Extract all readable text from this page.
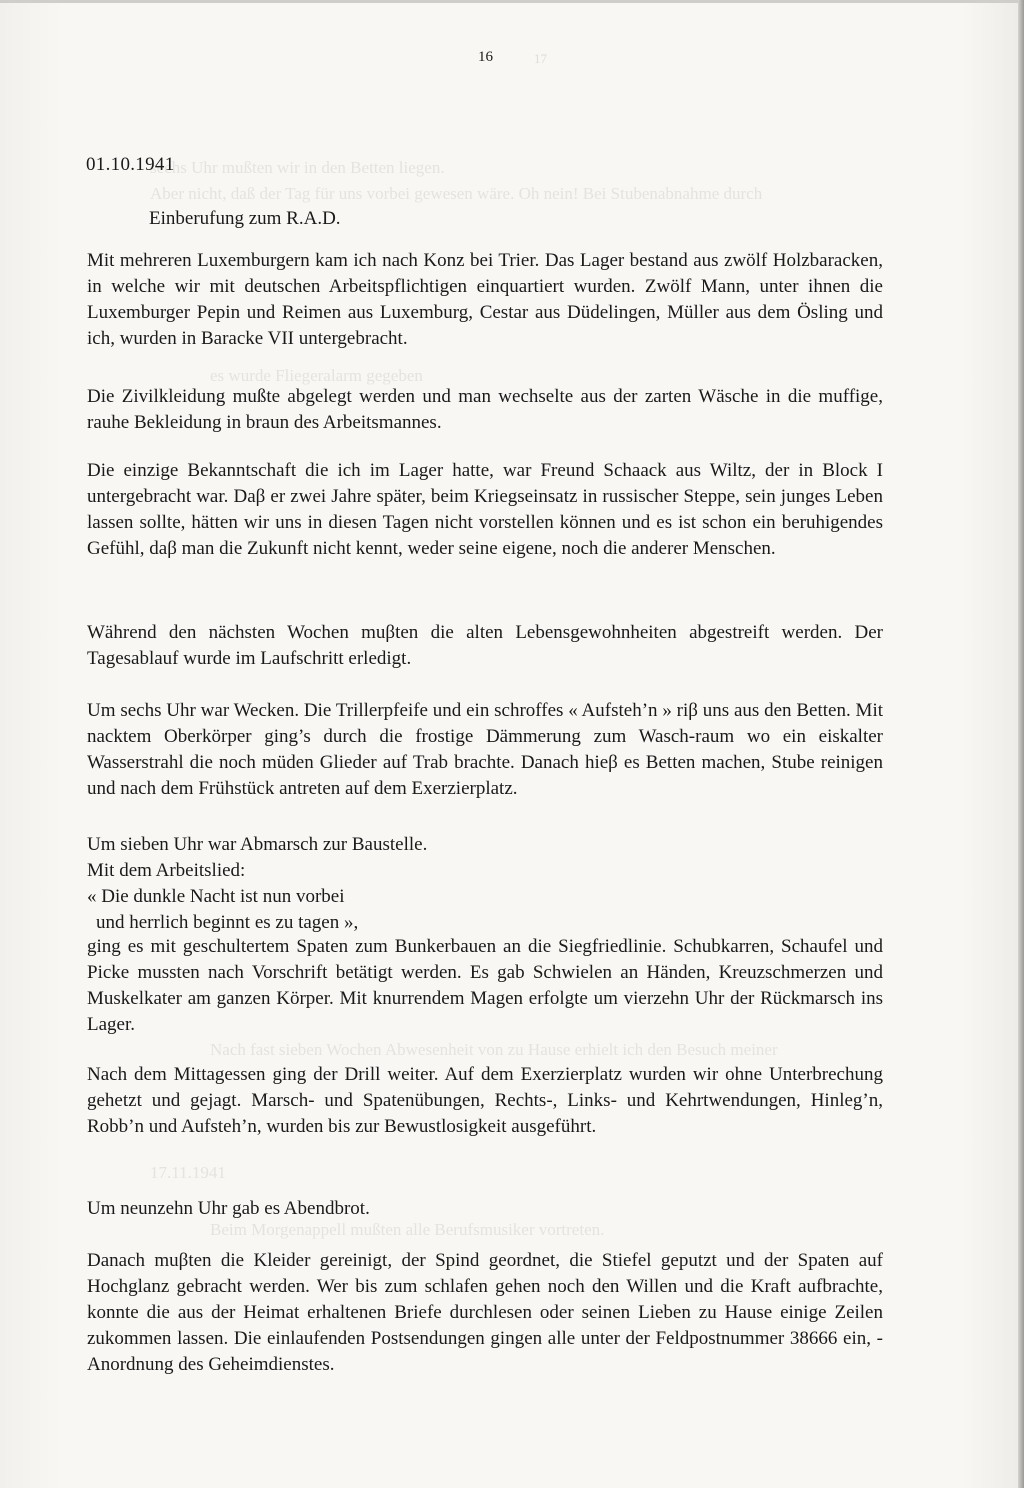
sechs Uhr mußten wir in den Betten liegen.
Aber nicht, daß der Tag für uns vorbei gewesen wäre. Oh nein! Bei Stubenabnahme durch
es wurde Fliegeralarm gegeben
17.11.1941
Nach fast sieben Wochen Abwesenheit von zu Hause erhielt ich den Besuch meiner
Beim Morgenappell mußten alle Berufsmusiker vortreten.
16	17
01.10.1941
Einberufung zum R.A.D.

Mit mehreren Luxemburgern kam ich nach Konz bei Trier. Das Lager bestand aus zwölf Holzbaracken, in welche wir mit deutschen Arbeitspflichtigen einquartiert wurden. Zwölf Mann, unter ihnen die Luxemburger Pepin und Reimen aus Luxemburg, Cestar aus Düdelingen, Müller aus dem Ösling und ich, wurden in Baracke VII untergebracht.

Die Zivilkleidung mußte abgelegt werden und man wechselte aus der zarten Wäsche in die muffige, rauhe Bekleidung in braun des Arbeitsmannes.

Die einzige Bekanntschaft die ich im Lager hatte, war Freund Schaack aus Wiltz, der in Block I untergebracht war. Daβ er zwei Jahre später, beim Kriegseinsatz in russischer Steppe, sein junges Leben lassen sollte, hätten wir uns in diesen Tagen nicht vorstellen können und es ist schon ein beruhigendes Gefühl, daβ man die Zukunft nicht kennt, weder seine eigene, noch die anderer Menschen.

Während den nächsten Wochen muβten die alten Lebensgewohnheiten abgestreift werden. Der Tagesablauf wurde im Laufschritt erledigt.

Um sechs Uhr war Wecken. Die Trillerpfeife und ein schroffes « Aufsteh’n » riβ uns aus den Betten. Mit nacktem Oberkörper ging’s durch die frostige Dämmerung zum Wasch-raum wo ein eiskalter Wasserstrahl die noch müden Glieder auf Trab brachte. Danach hieβ es Betten machen, Stube reinigen und nach dem Frühstück antreten auf dem Exerzierplatz.

Um sieben Uhr war Abmarsch zur Baustelle.
Mit dem Arbeitslied:
« Die dunkle Nacht ist nun vorbei
und herrlich beginnt es zu tagen »,

ging es mit geschultertem Spaten zum Bunkerbauen an die Siegfriedlinie. Schubkarren, Schaufel und Picke mussten nach Vorschrift betätigt werden. Es gab Schwielen an Händen, Kreuzschmerzen und Muskelkater am ganzen Körper. Mit knurrendem Magen erfolgte um vierzehn Uhr der Rückmarsch ins Lager.

Nach dem Mittagessen ging der Drill weiter. Auf dem Exerzierplatz wurden wir ohne Unterbrechung gehetzt und gejagt. Marsch- und Spatenübungen, Rechts-, Links- und Kehrtwendungen, Hinleg’n, Robb’n und Aufsteh’n, wurden bis zur Bewustlosigkeit ausgeführt.

Um neunzehn Uhr gab es Abendbrot.

Danach muβten die Kleider gereinigt, der Spind geordnet, die Stiefel geputzt und der Spaten auf Hochglanz gebracht werden. Wer bis zum schlafen gehen noch den Willen und die Kraft aufbrachte, konnte die aus der Heimat erhaltenen Briefe durchlesen oder seinen Lieben zu Hause einige Zeilen zukommen lassen. Die einlaufenden Postsendungen gingen alle unter der Feldpostnummer 38666 ein, - Anordnung des Geheimdienstes.
